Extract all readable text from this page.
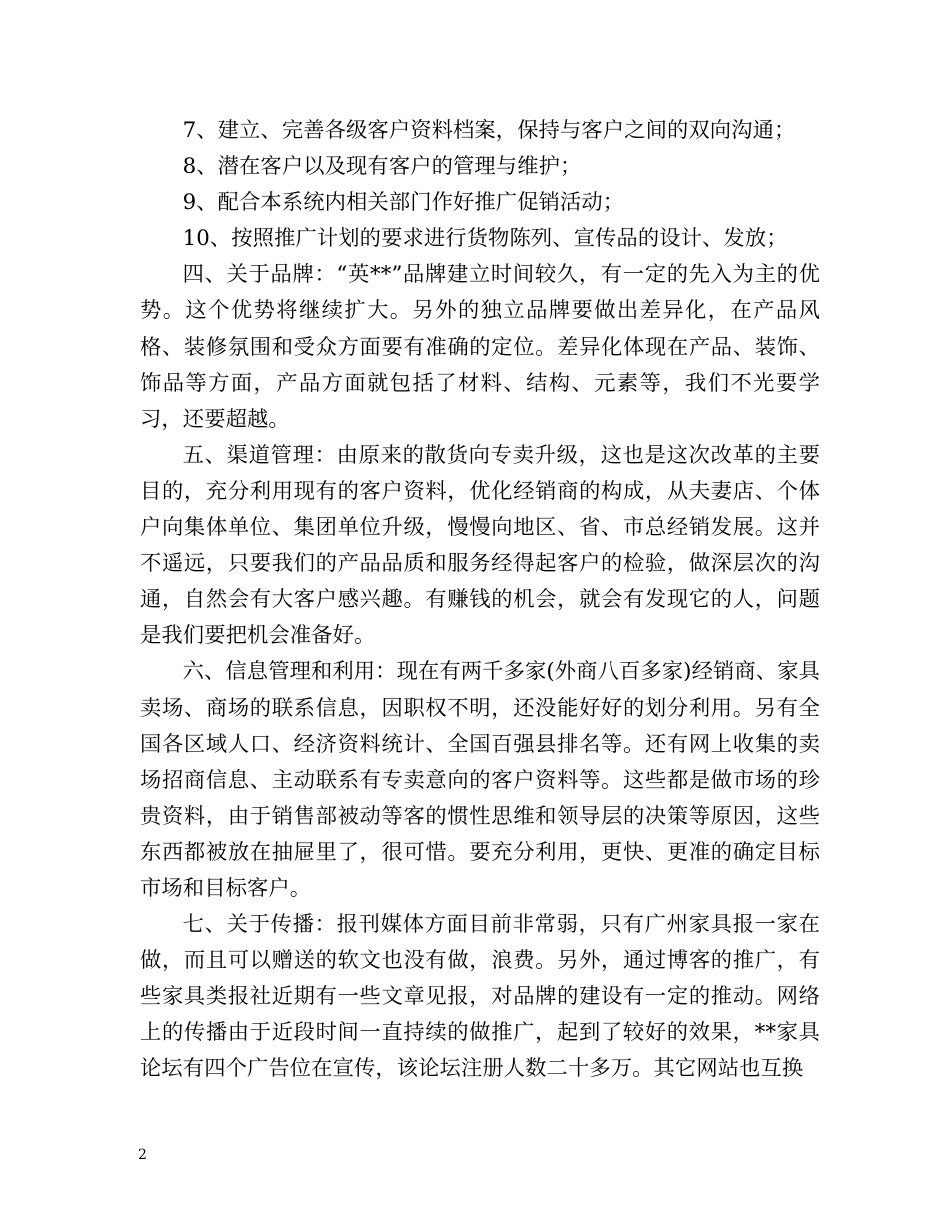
7、建立、完善各级客户资料档案，保持与客户之间的双向沟通；

8、潜在客户以及现有客户的管理与维护；

9、配合本系统内相关部门作好推广促销活动；

10、按照推广计划的要求进行货物陈列、宣传品的设计、发放；

四、关于品牌：“英**”品牌建立时间较久，有一定的先入为主的优势。这个优势将继续扩大。另外的独立品牌要做出差异化，在产品风格、装修氛围和受众方面要有准确的定位。差异化体现在产品、装饰、饰品等方面，产品方面就包括了材料、结构、元素等，我们不光要学习，还要超越。

五、渠道管理：由原来的散货向专卖升级，这也是这次改革的主要目的，充分利用现有的客户资料，优化经销商的构成，从夫妻店、个体户向集体单位、集团单位升级，慢慢向地区、省、市总经销发展。这并不遥远，只要我们的产品品质和服务经得起客户的检验，做深层次的沟通，自然会有大客户感兴趣。有赚钱的机会，就会有发现它的人，问题是我们要把机会准备好。

六、信息管理和利用：现在有两千多家(外商八百多家)经销商、家具卖场、商场的联系信息，因职权不明，还没能好好的划分利用。另有全国各区域人口、经济资料统计、全国百强县排名等。还有网上收集的卖场招商信息、主动联系有专卖意向的客户资料等。这些都是做市场的珍贵资料，由于销售部被动等客的惯性思维和领导层的决策等原因，这些东西都被放在抽屉里了，很可惜。要充分利用，更快、更准的确定目标市场和目标客户。

七、关于传播：报刊媒体方面目前非常弱，只有广州家具报一家在做，而且可以赠送的软文也没有做，浪费。另外，通过博客的推广，有些家具类报社近期有一些文章见报，对品牌的建设有一定的推动。网络上的传播由于近段时间一直持续的做推广，起到了较好的效果，**家具论坛有四个广告位在宣传，该论坛注册人数二十多万。其它网站也互换

2
